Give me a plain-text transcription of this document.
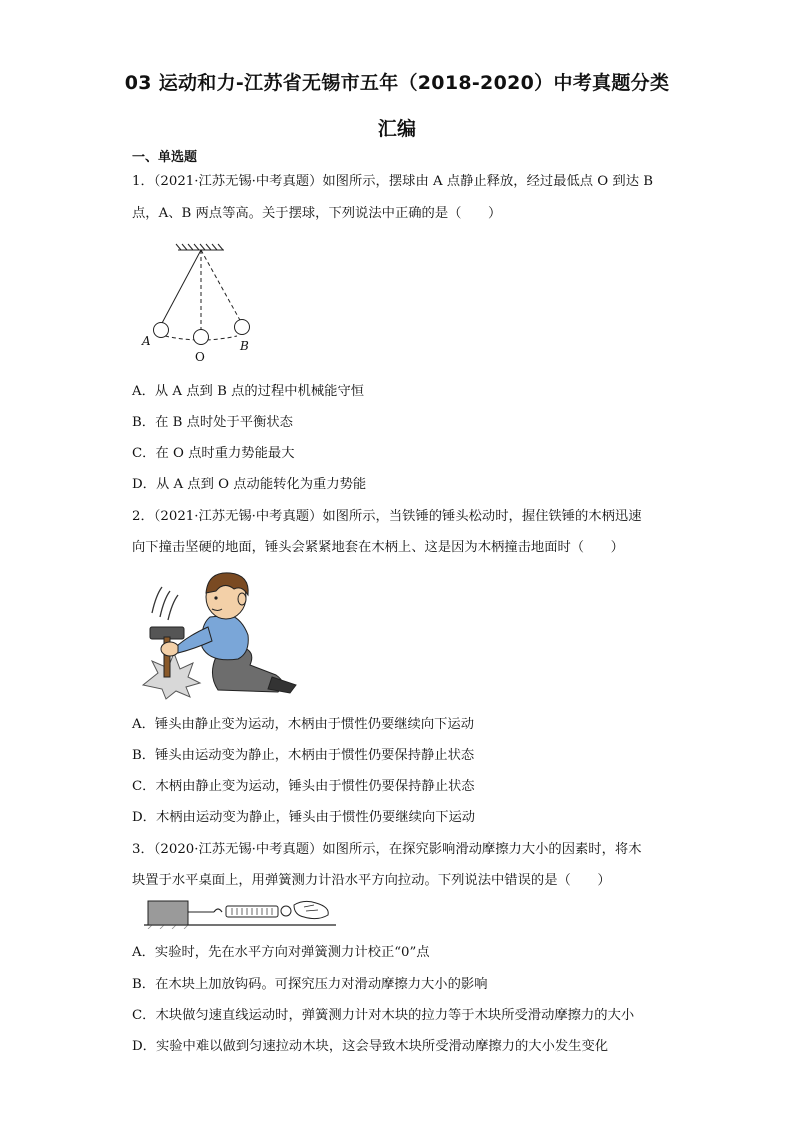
03 运动和力-江苏省无锡市五年（2018-2020）中考真题分类
汇编
一、单选题
1．（2021·江苏无锡·中考真题）如图所示，摆球由 A 点静止释放，经过最低点 O 到达 B
点，A、B 两点等高。关于摆球，下列说法中正确的是（　　）
A
O
B
A．从 A 点到 B 点的过程中机械能守恒
B．在 B 点时处于平衡状态
C．在 O 点时重力势能最大
D．从 A 点到 O 点动能转化为重力势能
2．（2021·江苏无锡·中考真题）如图所示，当铁锤的锤头松动时，握住铁锤的木柄迅速
向下撞击坚硬的地面，锤头会紧紧地套在木柄上、这是因为木柄撞击地面时（　　）
A．锤头由静止变为运动，木柄由于惯性仍要继续向下运动
B．锤头由运动变为静止，木柄由于惯性仍要保持静止状态
C．木柄由静止变为运动，锤头由于惯性仍要保持静止状态
D．木柄由运动变为静止，锤头由于惯性仍要继续向下运动
3．（2020·江苏无锡·中考真题）如图所示，在探究影响滑动摩擦力大小的因素时，将木
块置于水平桌面上，用弹簧测力计沿水平方向拉动。下列说法中错误的是（　　）
A．实验时，先在水平方向对弹簧测力计校正“0”点
B．在木块上加放钩码。可探究压力对滑动摩擦力大小的影响
C．木块做匀速直线运动时，弹簧测力计对木块的拉力等于木块所受滑动摩擦力的大小
D．实验中难以做到匀速拉动木块，这会导致木块所受滑动摩擦力的大小发生变化
